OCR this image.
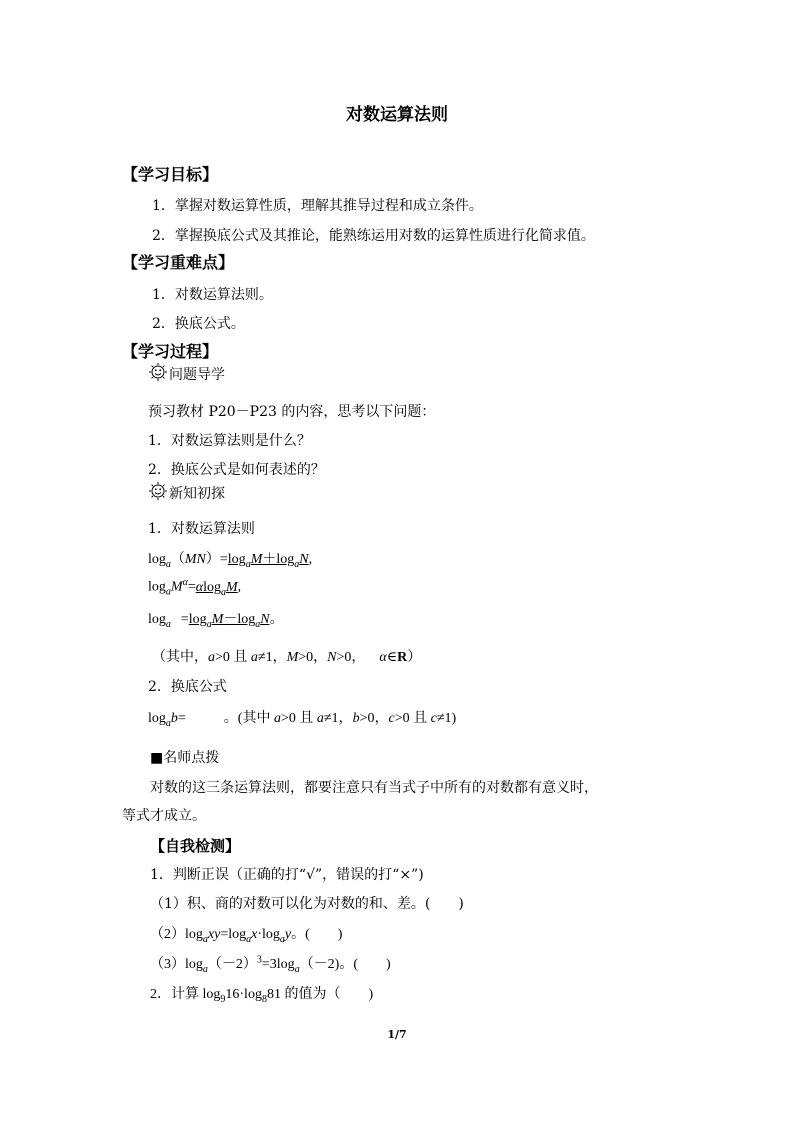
对数运算法则
【学习目标】
1．掌握对数运算性质，理解其推导过程和成立条件。
2．掌握换底公式及其推论，能熟练运用对数的运算性质进行化简求值。
【学习重难点】
1．对数运算法则。
2．换底公式。
【学习过程】
问题导学
预习教材 P20－P23 的内容，思考以下问题：
1．对数运算法则是什么？
2．换底公式是如何表述的？
新知初探
1．对数运算法则
$\log_a(MN)=\log_aM+\log_aN$,
$\log_aM^\alpha=\alpha\log_aM$,
$\log_a =\log_aM-\log_aN$。
（其中，a>0 且 a≠1，M>0，N>0， α∈R）
2．换底公式
$\log_ab=$	。(其中 a>0 且 a≠1，b>0，c>0 且 c≠1)
■名师点拨
对数的这三条运算法则，都要注意只有当式子中所有的对数都有意义时，
等式才成立。
【自我检测】
1．判断正误（正确的打“√”，错误的打“×”)
（1）积、商的对数可以化为对数的和、差。(　　)
$(2)\log_axy=\log_ax\cdot\log_ay$。(　　)
$(3)\log_a(-2)^3=3\log_a(-2)$。(　　)
2．计算 $\log_916\cdot\log_881$ 的值为（　　)
1/7
